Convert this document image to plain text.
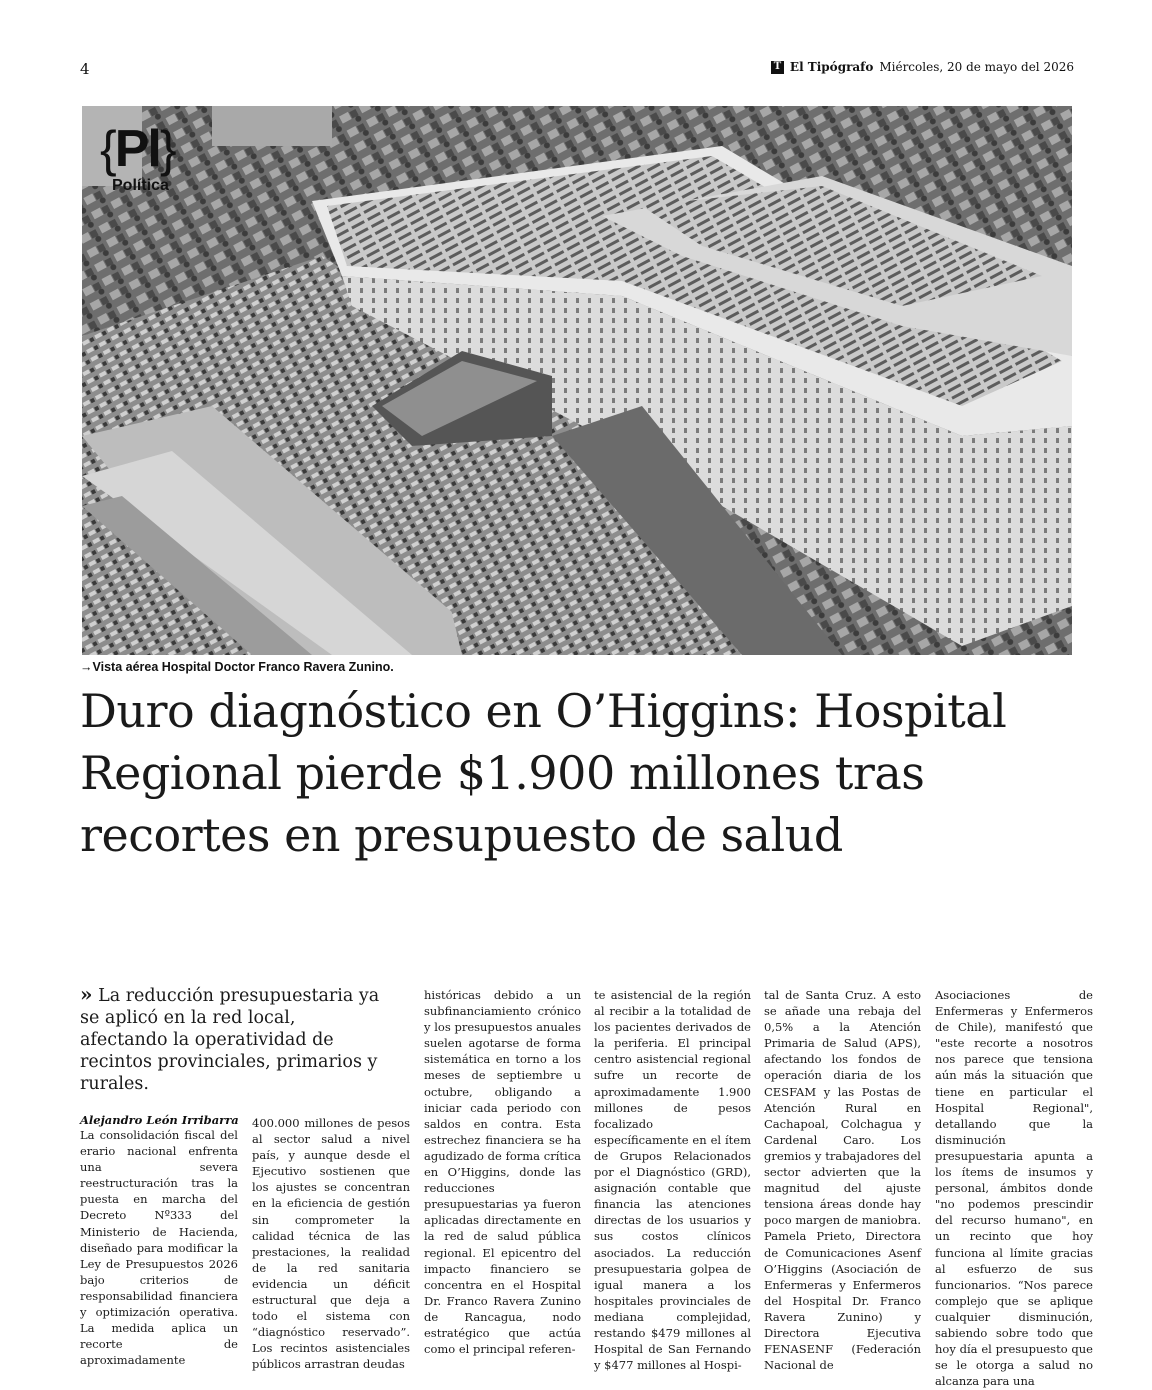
4	T El Tipógrafo Miércoles, 20 de mayo del 2026
{Pl}
Política
→Vista aérea Hospital Doctor Franco Ravera Zunino.
Duro diagnóstico en O’Higgins: Hospital Regional pierde $1.900 millones tras recortes en presupuesto de salud
» La reducción presupuestaria ya se aplicó en la red local, afectando la operatividad de recintos provinciales, primarios y rurales.
Alejandro León Irribarra

La consolidación fiscal del erario nacional enfrenta una severa reestructuración tras la puesta en marcha del Decreto Nº333 del Ministerio de Hacienda, diseñado para modificar la Ley de Presupuestos 2026 bajo criterios de responsabilidad financiera y optimización operativa. La medida aplica un recorte de aproximadamente

400.000 millones de pesos al sector salud a nivel país, y aunque desde el Ejecutivo sostienen que los ajustes se concentran en la eficiencia de gestión sin comprometer la calidad técnica de las prestaciones, la realidad de la red sanitaria evidencia un déficit estructural que deja a todo el sistema con “diagnóstico reservado”. Los recintos asistenciales públicos arrastran deudas

históricas debido a un subfinanciamiento crónico y los presupuestos anuales suelen agotarse de forma sistemática en torno a los meses de septiembre u octubre, obligando a iniciar cada periodo con saldos en contra. Esta estrechez financiera se ha agudizado de forma crítica en O’Higgins, donde las reducciones presupuestarias ya fueron aplicadas directamente en la red de salud pública regional. El epicentro del impacto financiero se concentra en el Hospital Dr. Franco Ravera Zunino de Rancagua, nodo estratégico que actúa como el principal referen-

te asistencial de la región al recibir a la totalidad de los pacientes derivados de la periferia. El principal centro asistencial regional sufre un recorte de aproximadamente 1.900 millones de pesos focalizado específicamente en el ítem de Grupos Relacionados por el Diagnóstico (GRD), asignación contable que financia las atenciones directas de los usuarios y sus costos clínicos asociados. La reducción presupuestaria golpea de igual manera a los hospitales provinciales de mediana complejidad, restando $479 millones al Hospital de San Fernando y $477 millones al Hospi-

tal de Santa Cruz. A esto se añade una rebaja del 0,5% a la Atención Primaria de Salud (APS), afectando los fondos de operación diaria de los CESFAM y las Postas de Atención Rural en Cachapoal, Colchagua y Cardenal Caro. Los gremios y trabajadores del sector advierten que la magnitud del ajuste tensiona áreas donde hay poco margen de maniobra. Pamela Prieto, Directora de Comunicaciones Asenf O’Higgins (Asociación de Enfermeras y Enfermeros del Hospital Dr. Franco Ravera Zunino) y Directora Ejecutiva FENASENF (Federación Nacional de

Asociaciones de Enfermeras y Enfermeros de Chile), manifestó que "este recorte a nosotros nos parece que tensiona aún más la situación que tiene en particular el Hospital Regional", detallando que la disminución presupuestaria apunta a los ítems de insumos y personal, ámbitos donde "no podemos prescindir del recurso humano", en un recinto que hoy funciona al límite gracias al esfuerzo de sus funcionarios. “Nos parece complejo que se aplique cualquier disminución, sabiendo sobre todo que hoy día el presupuesto que se le otorga a salud no alcanza para una
